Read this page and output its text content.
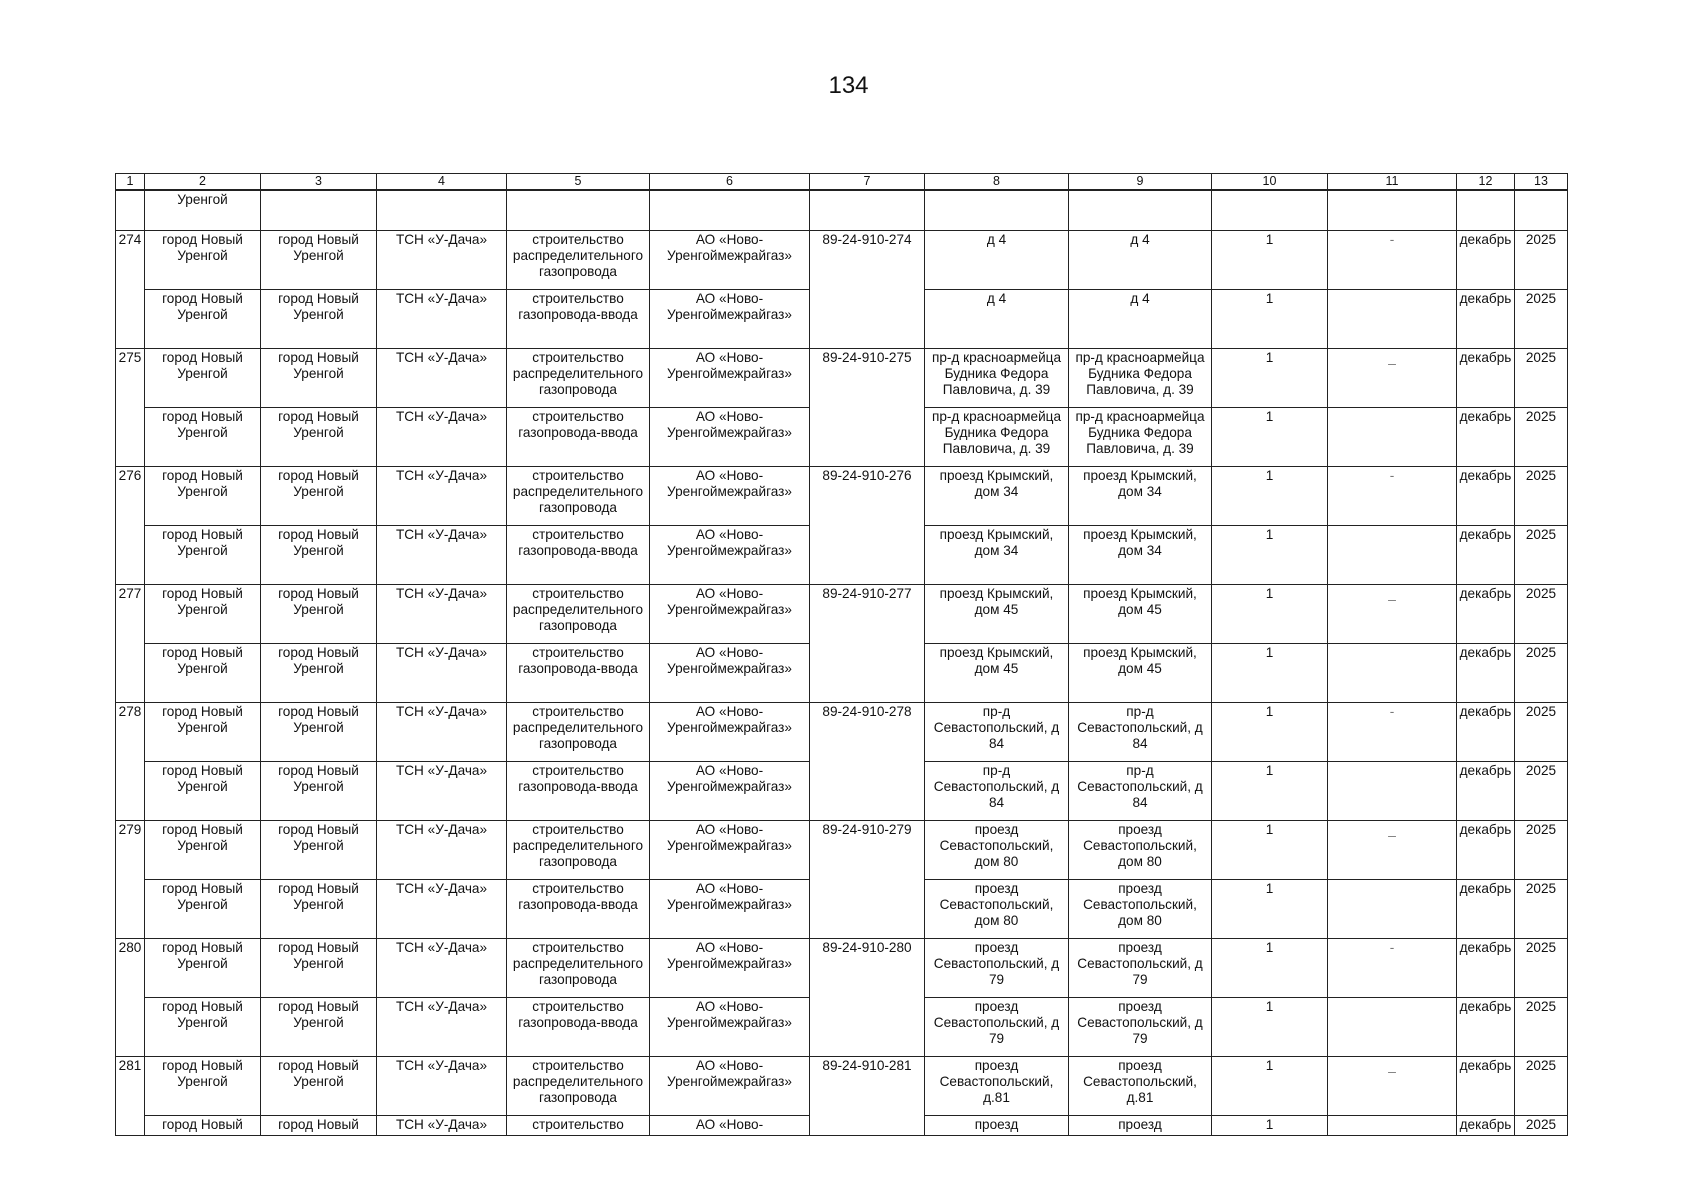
134
1	2	3	4	5	6	7	8	9	10	11	12	13
	Уренгой											
274	город Новый Уренгой	город Новый Уренгой	ТСН «У-Дача»	строительство распределительного газопровода	АО «Ново-Уренгоймежрайгаз»	89-24-910-274	д 4	д 4	1	-	декабрь	2025
	город Новый Уренгой	город Новый Уренгой	ТСН «У-Дача»	строительство газопровода-ввода	АО «Ново-Уренгоймежрайгаз»		д 4	д 4	1		декабрь	2025
275	город Новый Уренгой	город Новый Уренгой	ТСН «У-Дача»	строительство распределительного газопровода	АО «Ново-Уренгоймежрайгаз»	89-24-910-275	пр-д красноармейца Будника Федора Павловича, д. 39	пр-д красноармейца Будника Федора Павловича, д. 39	1	_	декабрь	2025
	город Новый Уренгой	город Новый Уренгой	ТСН «У-Дача»	строительство газопровода-ввода	АО «Ново-Уренгоймежрайгаз»		пр-д красноармейца Будника Федора Павловича, д. 39	пр-д красноармейца Будника Федора Павловича, д. 39	1		декабрь	2025
276	город Новый Уренгой	город Новый Уренгой	ТСН «У-Дача»	строительство распределительного газопровода	АО «Ново-Уренгоймежрайгаз»	89-24-910-276	проезд Крымский, дом 34	проезд Крымский, дом 34	1	-	декабрь	2025
	город Новый Уренгой	город Новый Уренгой	ТСН «У-Дача»	строительство газопровода-ввода	АО «Ново-Уренгоймежрайгаз»		проезд Крымский, дом 34	проезд Крымский, дом 34	1		декабрь	2025
277	город Новый Уренгой	город Новый Уренгой	ТСН «У-Дача»	строительство распределительного газопровода	АО «Ново-Уренгоймежрайгаз»	89-24-910-277	проезд Крымский, дом 45	проезд Крымский, дом 45	1	_	декабрь	2025
	город Новый Уренгой	город Новый Уренгой	ТСН «У-Дача»	строительство газопровода-ввода	АО «Ново-Уренгоймежрайгаз»		проезд Крымский, дом 45	проезд Крымский, дом 45	1		декабрь	2025
278	город Новый Уренгой	город Новый Уренгой	ТСН «У-Дача»	строительство распределительного газопровода	АО «Ново-Уренгоймежрайгаз»	89-24-910-278	пр-д Севастопольский, д 84	пр-д Севастопольский, д 84	1	-	декабрь	2025
	город Новый Уренгой	город Новый Уренгой	ТСН «У-Дача»	строительство газопровода-ввода	АО «Ново-Уренгоймежрайгаз»		пр-д Севастопольский, д 84	пр-д Севастопольский, д 84	1		декабрь	2025
279	город Новый Уренгой	город Новый Уренгой	ТСН «У-Дача»	строительство распределительного газопровода	АО «Ново-Уренгоймежрайгаз»	89-24-910-279	проезд Севастопольский, дом 80	проезд Севастопольский, дом 80	1	_	декабрь	2025
	город Новый Уренгой	город Новый Уренгой	ТСН «У-Дача»	строительство газопровода-ввода	АО «Ново-Уренгоймежрайгаз»		проезд Севастопольский, дом 80	проезд Севастопольский, дом 80	1		декабрь	2025
280	город Новый Уренгой	город Новый Уренгой	ТСН «У-Дача»	строительство распределительного газопровода	АО «Ново-Уренгоймежрайгаз»	89-24-910-280	проезд Севастопольский, д 79	проезд Севастопольский, д 79	1	-	декабрь	2025
	город Новый Уренгой	город Новый Уренгой	ТСН «У-Дача»	строительство газопровода-ввода	АО «Ново-Уренгоймежрайгаз»		проезд Севастопольский, д 79	проезд Севастопольский, д 79	1		декабрь	2025
281	город Новый Уренгой	город Новый Уренгой	ТСН «У-Дача»	строительство распределительного газопровода	АО «Ново-Уренгоймежрайгаз»	89-24-910-281	проезд Севастопольский, д.81	проезд Севастопольский, д.81	1	_	декабрь	2025
	город Новый	город Новый	ТСН «У-Дача»	строительство	АО «Ново-		проезд	проезд	1		декабрь	2025
